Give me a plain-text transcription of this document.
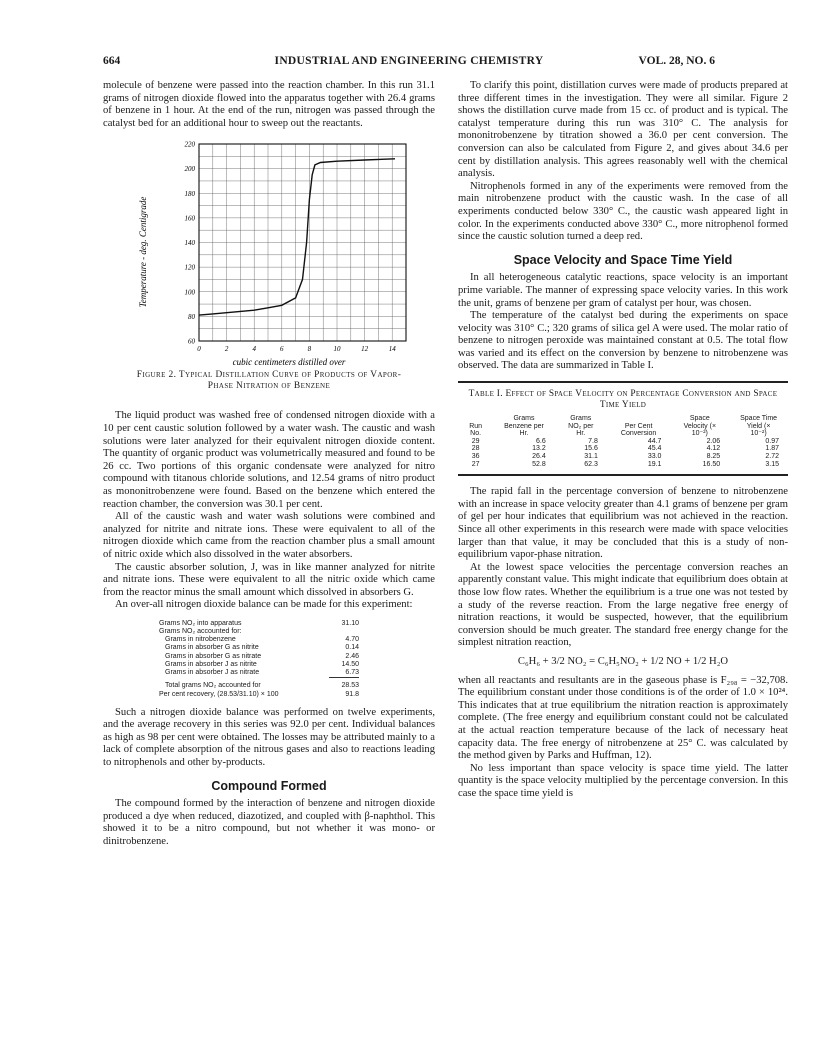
664	INDUSTRIAL AND ENGINEERING CHEMISTRY	VOL. 28, NO. 6

molecule of benzene were passed into the reaction chamber. In this run 31.1 grams of nitrogen dioxide flowed into the apparatus together with 26.4 grams of benzene in 1 hour. At the end of the run, nitrogen was passed through the catalyst bed for an additional hour to sweep out the reactants.

0	2	4	6	8	10	12	14
60
80
100
120
140
160
180
200
220
Temperature - deg. Centigrade
cubic centimeters distilled over
Figure 2. Typical Distillation Curve of Products of Vapor-Phase Nitration of Benzene

The liquid product was washed free of condensed nitrogen dioxide with a 10 per cent caustic solution followed by a water wash. The caustic and wash solutions were later analyzed for their equivalent nitrogen dioxide content. The quantity of organic product was volumetrically measured and found to be 26 cc. Two portions of this organic condensate were analyzed for nitro compound with titanous chloride solutions, and 12.54 grams of nitro product as mononitrobenzene were found. Based on the benzene which entered the reaction chamber, the conversion was 30.1 per cent.

All of the caustic wash and water wash solutions were combined and analyzed for nitrite and nitrate ions. These were equivalent to all of the nitrogen dioxide which came from the reaction chamber plus a small amount of nitric oxide which also dissolved in the water absorbers.

The caustic absorber solution, J, was in like manner analyzed for nitrite and nitrate ions. These were equivalent to all the nitric oxide which came from the reactor minus the small amount which dissolved in absorbers G.

An over-all nitrogen dioxide balance can be made for this experiment:

Grams NO₂ into apparatus	31.10
Grams NO₂ accounted for:
Grams in nitrobenzene	4.70
Grams in absorber G as nitrite	0.14
Grams in absorber G as nitrate	2.46
Grams in absorber J as nitrite	14.50
Grams in absorber J as nitrate	6.73
Total grams NO₂ accounted for	28.53
Per cent recovery, (28.53/31.10) × 100	91.8

Such a nitrogen dioxide balance was performed on twelve experiments, and the average recovery in this series was 92.0 per cent. Individual balances as high as 98 per cent were obtained. The losses may be attributed mainly to a lack of complete absorption of the nitrous gases and also to reactions leading to nitrophenols and other by-products.

Compound Formed

The compound formed by the interaction of benzene and nitrogen dioxide produced a dye when reduced, diazotized, and coupled with β-naphthol. This showed it to be a nitro compound, but not whether it was mono- or dinitrobenzene.

To clarify this point, distillation curves were made of products prepared at three different times in the investigation. They were all similar. Figure 2 shows the distillation curve made from 15 cc. of product and is typical. The catalyst temperature during this run was 310° C. The analysis for mononitrobenzene by titration showed a 36.0 per cent conversion. The conversion can also be calculated from Figure 2, and gives about 34.6 per cent by distillation analysis. This agrees reasonably well with the chemical analysis.

Nitrophenols formed in any of the experiments were removed from the main nitrobenzene product with the caustic wash. In the case of all experiments conducted below 330° C., the caustic wash appeared light in color. In the experiments conducted above 330° C., more nitrophenol formed since the caustic solution turned a deep red.

Space Velocity and Space Time Yield

In all heterogeneous catalytic reactions, space velocity is an important prime variable. The manner of expressing space velocity varies. In this work the unit, grams of benzene per gram of catalyst per hour, was chosen.

The temperature of the catalyst bed during the experiments on space velocity was 310° C.; 320 grams of silica gel A were used. The molar ratio of benzene to nitrogen peroxide was maintained constant at 0.5. The total flow was varied and its effect on the conversion by benzene to nitrobenzene was observed. The data are summarized in Table I.

Table I. Effect of Space Velocity on Percentage Conversion and Space Time Yield
Run No.	Grams Benzene per Hr.	Grams NO₂ per Hr.	Per Cent Conversion	Space Velocity (× 10⁻²)	Space Time Yield (× 10⁻²)
29	6.6	7.8	44.7	2.06	0.97
28	13.2	15.6	45.4	4.12	1.87
36	26.4	31.1	33.0	8.25	2.72
27	52.8	62.3	19.1	16.50	3.15

The rapid fall in the percentage conversion of benzene to nitrobenzene with an increase in space velocity greater than 4.1 grams of benzene per gram of gel per hour indicates that equilibrium was not achieved in the reaction. Since all other experiments in this research were made with space velocities larger than that value, it may be concluded that this is a study of non-equilibrium vapor-phase nitration.

At the lowest space velocities the percentage conversion reaches an apparently constant value. This might indicate that equilibrium does obtain at those low flow rates. Whether the equilibrium is a true one was not tested by a study of the reverse reaction. From the large negative free energy of nitration reactions, it would be suspected, however, that the equilibrium conversion should be much greater. The standard free energy change for the simplest nitration reaction,

C₆H₆ + 3/2 NO₂ = C₆H₅NO₂ + 1/2 NO + 1/2 H₂O

when all reactants and resultants are in the gaseous phase is F₂₉₈ = −32,708. The equilibrium constant under those conditions is of the order of 1.0 × 10²⁴. This indicates that at true equilibrium the nitration reaction is approximately complete. (The free energy and equilibrium constant could not be calculated at the actual reaction temperature because of the lack of necessary heat capacity data. The free energy of nitrobenzene at 25° C. was calculated by the method given by Parks and Huffman, 12).

No less important than space velocity is space time yield. The latter quantity is the space velocity multiplied by the percentage conversion. In this case the space time yield is
